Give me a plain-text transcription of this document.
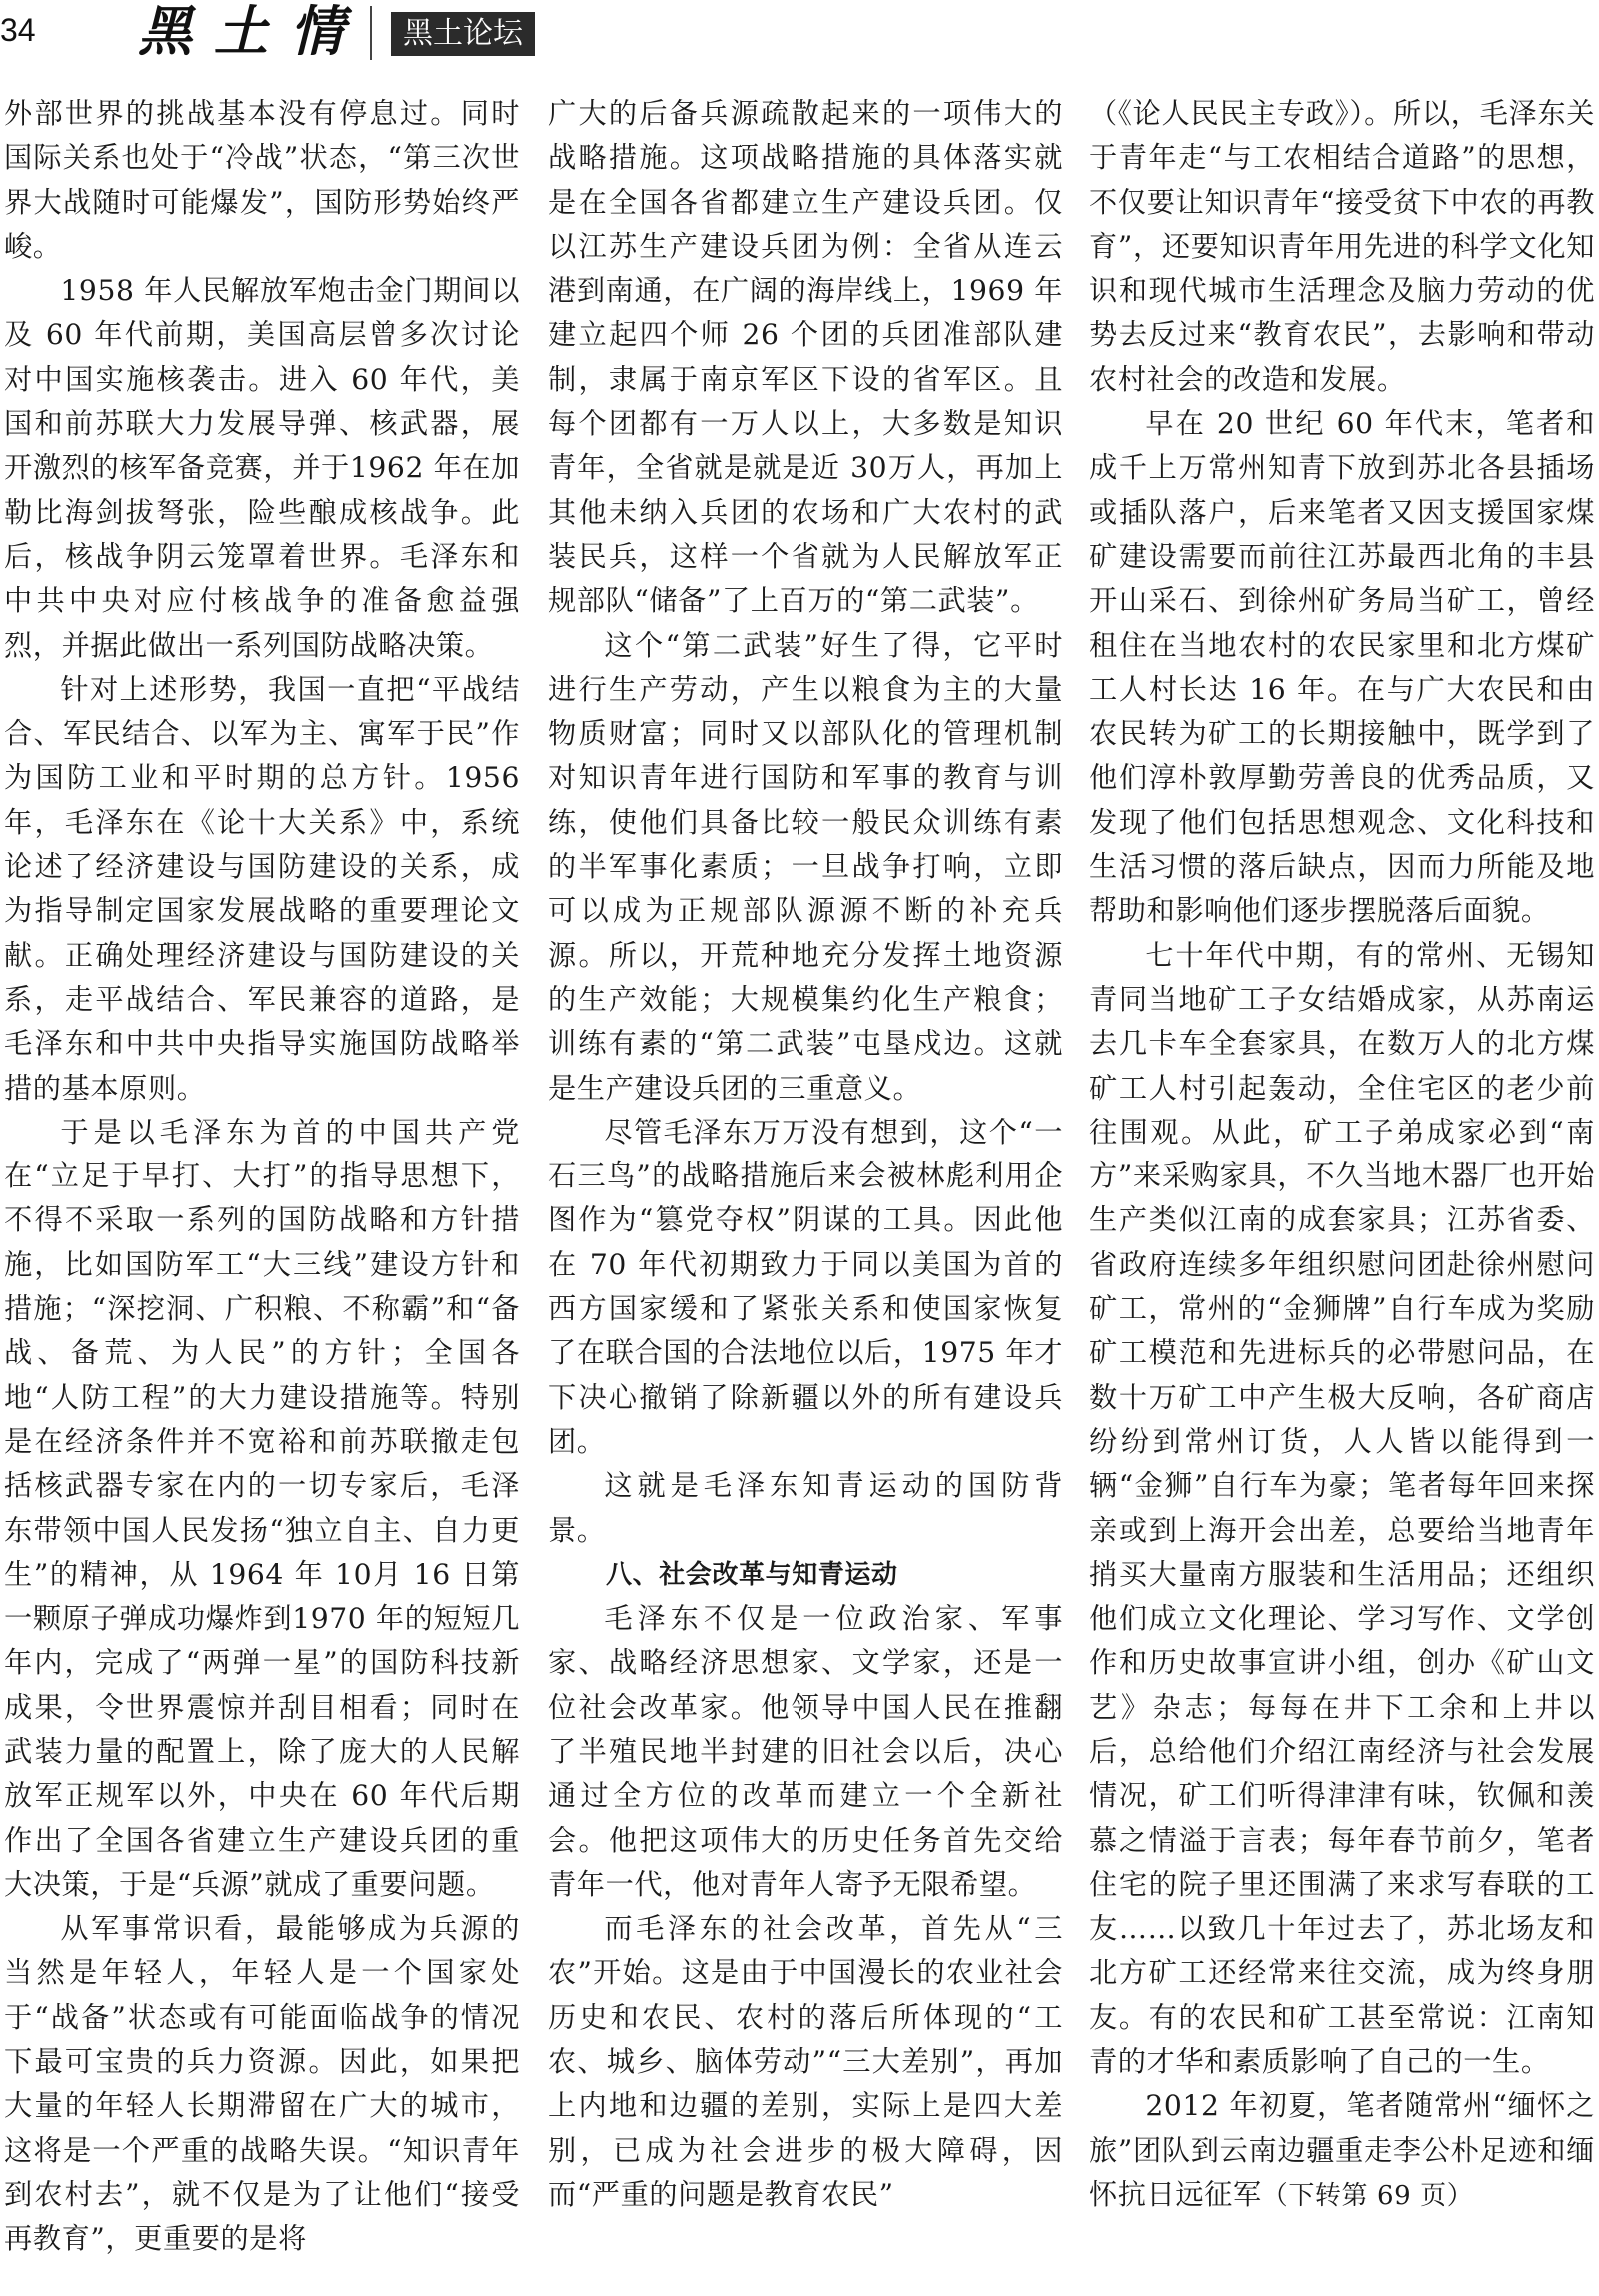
34 黑土情	黑土论坛

外部世界的挑战基本没有停息过。同时国际关系也处于“冷战”状态，“第三次世界大战随时可能爆发”，国防形势始终严峻。

1958 年人民解放军炮击金门期间以及 60 年代前期，美国高层曾多次讨论对中国实施核袭击。进入 60 年代，美国和前苏联大力发展导弹、核武器，展开激烈的核军备竞赛，并于1962 年在加勒比海剑拔弩张，险些酿成核战争。此后，核战争阴云笼罩着世界。毛泽东和中共中央对应付核战争的准备愈益强烈，并据此做出一系列国防战略决策。

针对上述形势，我国一直把“平战结合、军民结合、以军为主、寓军于民”作为国防工业和平时期的总方针。1956 年，毛泽东在《论十大关系》中，系统论述了经济建设与国防建设的关系，成为指导制定国家发展战略的重要理论文献。正确处理经济建设与国防建设的关系，走平战结合、军民兼容的道路，是毛泽东和中共中央指导实施国防战略举措的基本原则。

于是以毛泽东为首的中国共产党在“立足于早打、大打”的指导思想下，不得不采取一系列的国防战略和方针措施，比如国防军工“大三线”建设方针和措施；“深挖洞、广积粮、不称霸”和“备战、备荒、为人民”的方针；全国各地“人防工程”的大力建设措施等。特别是在经济条件并不宽裕和前苏联撤走包括核武器专家在内的一切专家后，毛泽东带领中国人民发扬“独立自主、自力更生”的精神，从 1964 年 10月 16 日第一颗原子弹成功爆炸到1970 年的短短几年内，完成了“两弹一星”的国防科技新成果，令世界震惊并刮目相看；同时在武装力量的配置上，除了庞大的人民解放军正规军以外，中央在 60 年代后期作出了全国各省建立生产建设兵团的重大决策，于是“兵源”就成了重要问题。

从军事常识看，最能够成为兵源的当然是年轻人，年轻人是一个国家处于“战备”状态或有可能面临战争的情况下最可宝贵的兵力资源。因此，如果把大量的年轻人长期滞留在广大的城市，这将是一个严重的战略失误。“知识青年到农村去”，就不仅是为了让他们“接受再教育”，更重要的是将

广大的后备兵源疏散起来的一项伟大的战略措施。这项战略措施的具体落实就是在全国各省都建立生产建设兵团。仅以江苏生产建设兵团为例：全省从连云港到南通，在广阔的海岸线上，1969 年建立起四个师 26 个团的兵团准部队建制，隶属于南京军区下设的省军区。且每个团都有一万人以上，大多数是知识青年，全省就是就是近 30万人，再加上其他未纳入兵团的农场和广大农村的武装民兵，这样一个省就为人民解放军正规部队“储备”了上百万的“第二武装”。

这个“第二武装”好生了得，它平时进行生产劳动，产生以粮食为主的大量物质财富；同时又以部队化的管理机制对知识青年进行国防和军事的教育与训练，使他们具备比较一般民众训练有素的半军事化素质；一旦战争打响，立即可以成为正规部队源源不断的补充兵源。所以，开荒种地充分发挥土地资源的生产效能；大规模集约化生产粮食；训练有素的“第二武装”屯垦戍边。这就是生产建设兵团的三重意义。

尽管毛泽东万万没有想到，这个“一石三鸟”的战略措施后来会被林彪利用企图作为“篡党夺权”阴谋的工具。因此他在 70 年代初期致力于同以美国为首的西方国家缓和了紧张关系和使国家恢复了在联合国的合法地位以后，1975 年才下决心撤销了除新疆以外的所有建设兵团。

这就是毛泽东知青运动的国防背景。

八、社会改革与知青运动

毛泽东不仅是一位政治家、军事家、战略经济思想家、文学家，还是一位社会改革家。他领导中国人民在推翻了半殖民地半封建的旧社会以后，决心通过全方位的改革而建立一个全新社会。他把这项伟大的历史任务首先交给青年一代，他对青年人寄予无限希望。

而毛泽东的社会改革，首先从“三农”开始。这是由于中国漫长的农业社会历史和农民、农村的落后所体现的“工农、城乡、脑体劳动”“三大差别”，再加上内地和边疆的差别，实际上是四大差别，已成为社会进步的极大障碍，因而“严重的问题是教育农民”

（《论人民民主专政》）。所以，毛泽东关于青年走“与工农相结合道路”的思想，不仅要让知识青年“接受贫下中农的再教育”，还要知识青年用先进的科学文化知识和现代城市生活理念及脑力劳动的优势去反过来“教育农民”，去影响和带动农村社会的改造和发展。

早在 20 世纪 60 年代末，笔者和成千上万常州知青下放到苏北各县插场或插队落户，后来笔者又因支援国家煤矿建设需要而前往江苏最西北角的丰县开山采石、到徐州矿务局当矿工，曾经租住在当地农村的农民家里和北方煤矿工人村长达 16 年。在与广大农民和由农民转为矿工的长期接触中，既学到了他们淳朴敦厚勤劳善良的优秀品质，又发现了他们包括思想观念、文化科技和生活习惯的落后缺点，因而力所能及地帮助和影响他们逐步摆脱落后面貌。

七十年代中期，有的常州、无锡知青同当地矿工子女结婚成家，从苏南运去几卡车全套家具，在数万人的北方煤矿工人村引起轰动，全住宅区的老少前往围观。从此，矿工子弟成家必到“南方”来采购家具，不久当地木器厂也开始生产类似江南的成套家具；江苏省委、省政府连续多年组织慰问团赴徐州慰问矿工，常州的“金狮牌”自行车成为奖励矿工模范和先进标兵的必带慰问品，在数十万矿工中产生极大反响，各矿商店纷纷到常州订货，人人皆以能得到一辆“金狮”自行车为豪；笔者每年回来探亲或到上海开会出差，总要给当地青年捎买大量南方服装和生活用品；还组织他们成立文化理论、学习写作、文学创作和历史故事宣讲小组，创办《矿山文艺》杂志；每每在井下工余和上井以后，总给他们介绍江南经济与社会发展情况，矿工们听得津津有味，钦佩和羡慕之情溢于言表；每年春节前夕，笔者住宅的院子里还围满了来求写春联的工友……以致几十年过去了，苏北场友和北方矿工还经常来往交流，成为终身朋友。有的农民和矿工甚至常说：江南知青的才华和素质影响了自己的一生。

2012 年初夏，笔者随常州“缅怀之旅”团队到云南边疆重走李公朴足迹和缅怀抗日远征军（下转第 69 页）
